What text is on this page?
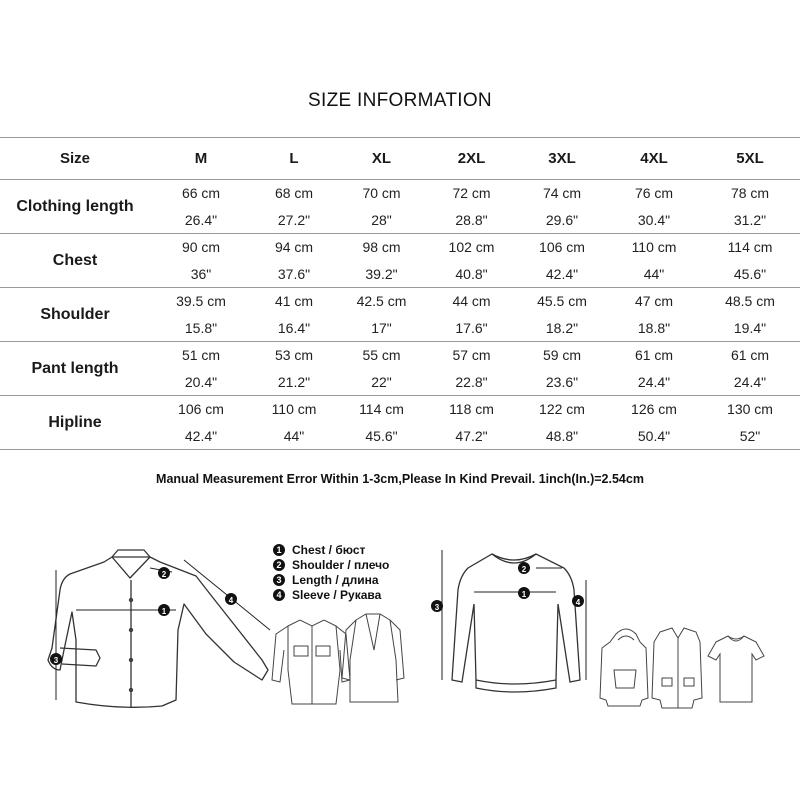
SIZE INFORMATION
Size	M	L	XL	2XL	3XL	4XL	5XL
Clothing length	66 cm	68 cm	70 cm	72 cm	74 cm	76 cm	78 cm
	26.4"	27.2"	28"	28.8"	29.6"	30.4"	31.2"
Chest	90 cm	94 cm	98 cm	102 cm	106 cm	110 cm	114 cm
	36"	37.6"	39.2"	40.8"	42.4"	44"	45.6"
Shoulder	39.5 cm	41 cm	42.5 cm	44 cm	45.5 cm	47 cm	48.5 cm
	15.8"	16.4"	17"	17.6"	18.2"	18.8"	19.4"
Pant length	51 cm	53 cm	55 cm	57 cm	59 cm	61 cm	61 cm
	20.4"	21.2"	22"	22.8"	23.6"	24.4"	24.4"
Hipline	106 cm	110 cm	114 cm	118 cm	122 cm	126 cm	130 cm
	42.4"	44"	45.6"	47.2"	48.8"	50.4"	52"
Manual Measurement Error Within 1-3cm,Please In Kind Prevail. 1inch(In.)=2.54cm
1 Chest / бюст
2 Shoulder / плечо
3 Length / длина
4 Sleeve / Рукава
1
2
4
3
2
1
3
4
